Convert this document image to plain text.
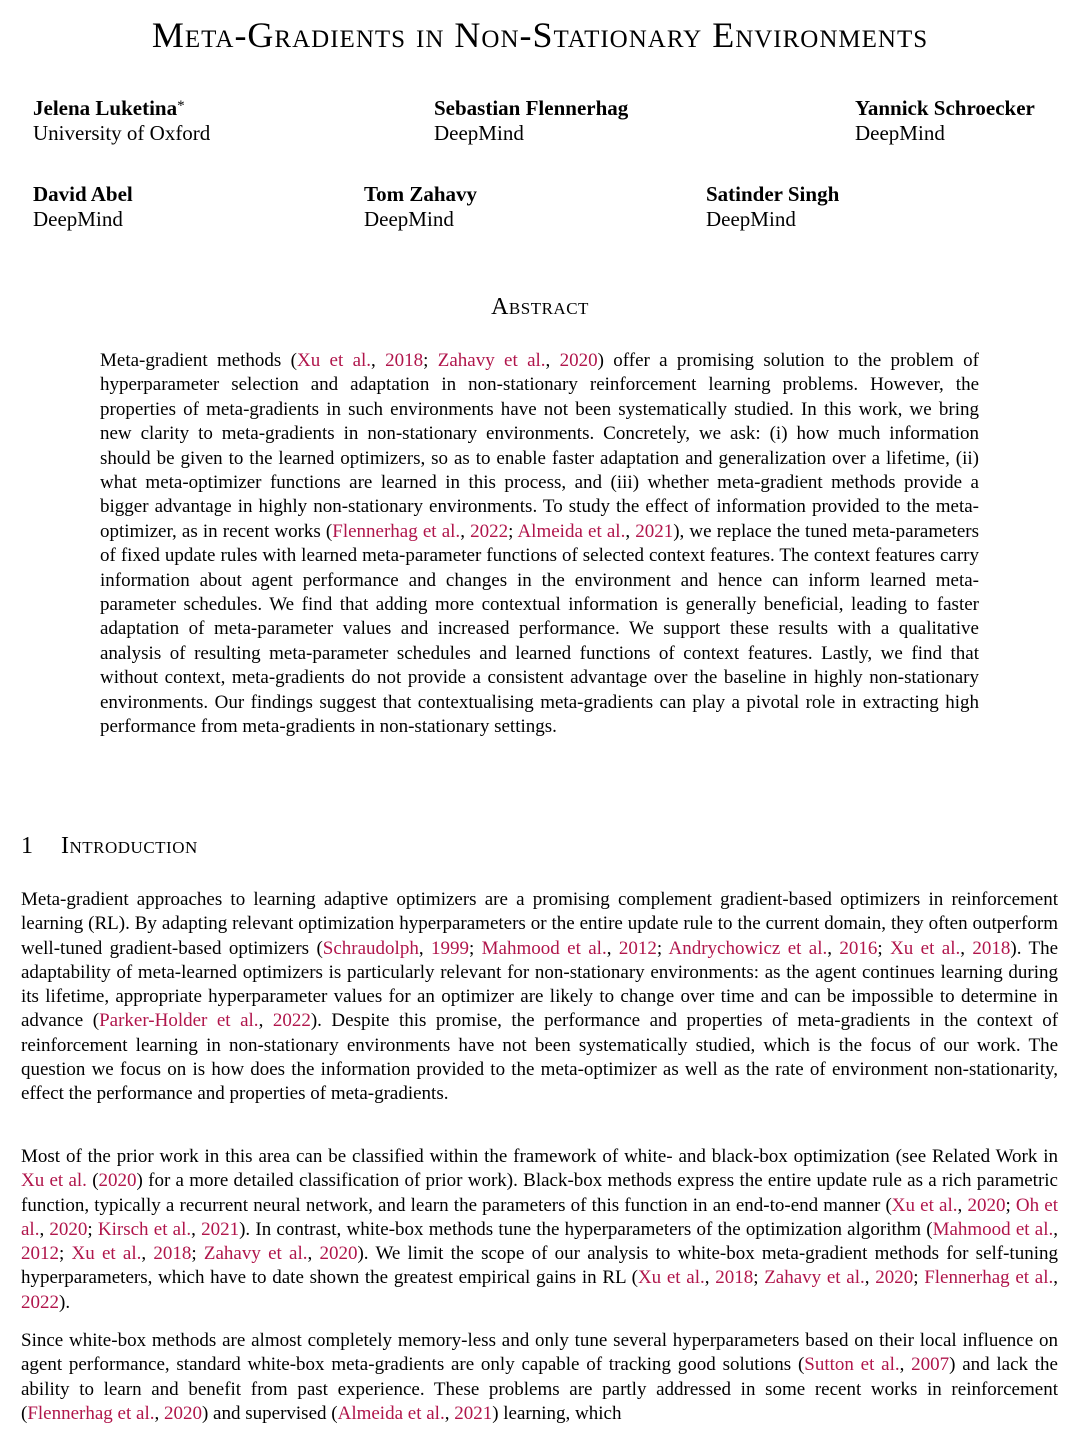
Meta-Gradients in Non-Stationary Environments
Jelena Luketina*
University of Oxford
Sebastian Flennerhag
DeepMind
Yannick Schroecker
DeepMind
David Abel
DeepMind
Tom Zahavy
DeepMind
Satinder Singh
DeepMind
Abstract

Meta-gradient methods (Xu et al., 2018; Zahavy et al., 2020) offer a promising solution to the problem of hyperparameter selection and adaptation in non-stationary reinforcement learning problems. However, the properties of meta-gradients in such environments have not been systematically studied. In this work, we bring new clarity to meta-gradients in non-stationary environments. Concretely, we ask: (i) how much information should be given to the learned optimizers, so as to enable faster adaptation and generalization over a lifetime, (ii) what meta-optimizer functions are learned in this process, and (iii) whether meta-gradient methods provide a bigger advantage in highly non-stationary environments. To study the effect of information provided to the meta-optimizer, as in recent works (Flennerhag et al., 2022; Almeida et al., 2021), we replace the tuned meta-parameters of fixed update rules with learned meta-parameter functions of selected context features. The context features carry information about agent performance and changes in the environment and hence can inform learned meta-parameter schedules. We find that adding more contextual information is generally beneficial, leading to faster adaptation of meta-parameter values and increased performance. We support these results with a qualitative analysis of resulting meta-parameter schedules and learned functions of context features. Lastly, we find that without context, meta-gradients do not provide a consistent advantage over the baseline in highly non-stationary environments. Our findings suggest that contextualising meta-gradients can play a pivotal role in extracting high performance from meta-gradients in non-stationary settings.

1 Introduction

Meta-gradient approaches to learning adaptive optimizers are a promising complement gradient-based optimizers in reinforcement learning (RL). By adapting relevant optimization hyperparameters or the entire update rule to the current domain, they often outperform well-tuned gradient-based optimizers (Schraudolph, 1999; Mahmood et al., 2012; Andrychowicz et al., 2016; Xu et al., 2018). The adaptability of meta-learned optimizers is particularly relevant for non-stationary environments: as the agent continues learning during its lifetime, appropriate hyperparameter values for an optimizer are likely to change over time and can be impossible to determine in advance (Parker-Holder et al., 2022). Despite this promise, the performance and properties of meta-gradients in the context of reinforcement learning in non-stationary environments have not been systematically studied, which is the focus of our work. The question we focus on is how does the information provided to the meta-optimizer as well as the rate of environment non-stationarity, effect the performance and properties of meta-gradients.

Most of the prior work in this area can be classified within the framework of white- and black-box optimization (see Related Work in Xu et al. (2020) for a more detailed classification of prior work). Black-box methods express the entire update rule as a rich parametric function, typically a recurrent neural network, and learn the parameters of this function in an end-to-end manner (Xu et al., 2020; Oh et al., 2020; Kirsch et al., 2021). In contrast, white-box methods tune the hyperparameters of the optimization algorithm (Mahmood et al., 2012; Xu et al., 2018; Zahavy et al., 2020). We limit the scope of our analysis to white-box meta-gradient methods for self-tuning hyperparameters, which have to date shown the greatest empirical gains in RL (Xu et al., 2018; Zahavy et al., 2020; Flennerhag et al., 2022).

Since white-box methods are almost completely memory-less and only tune several hyperparameters based on their local influence on agent performance, standard white-box meta-gradients are only capable of tracking good solutions (Sutton et al., 2007) and lack the ability to learn and benefit from past experience. These problems are partly addressed in some recent works in reinforcement (Flennerhag et al., 2020) and supervised (Almeida et al., 2021) learning, which
